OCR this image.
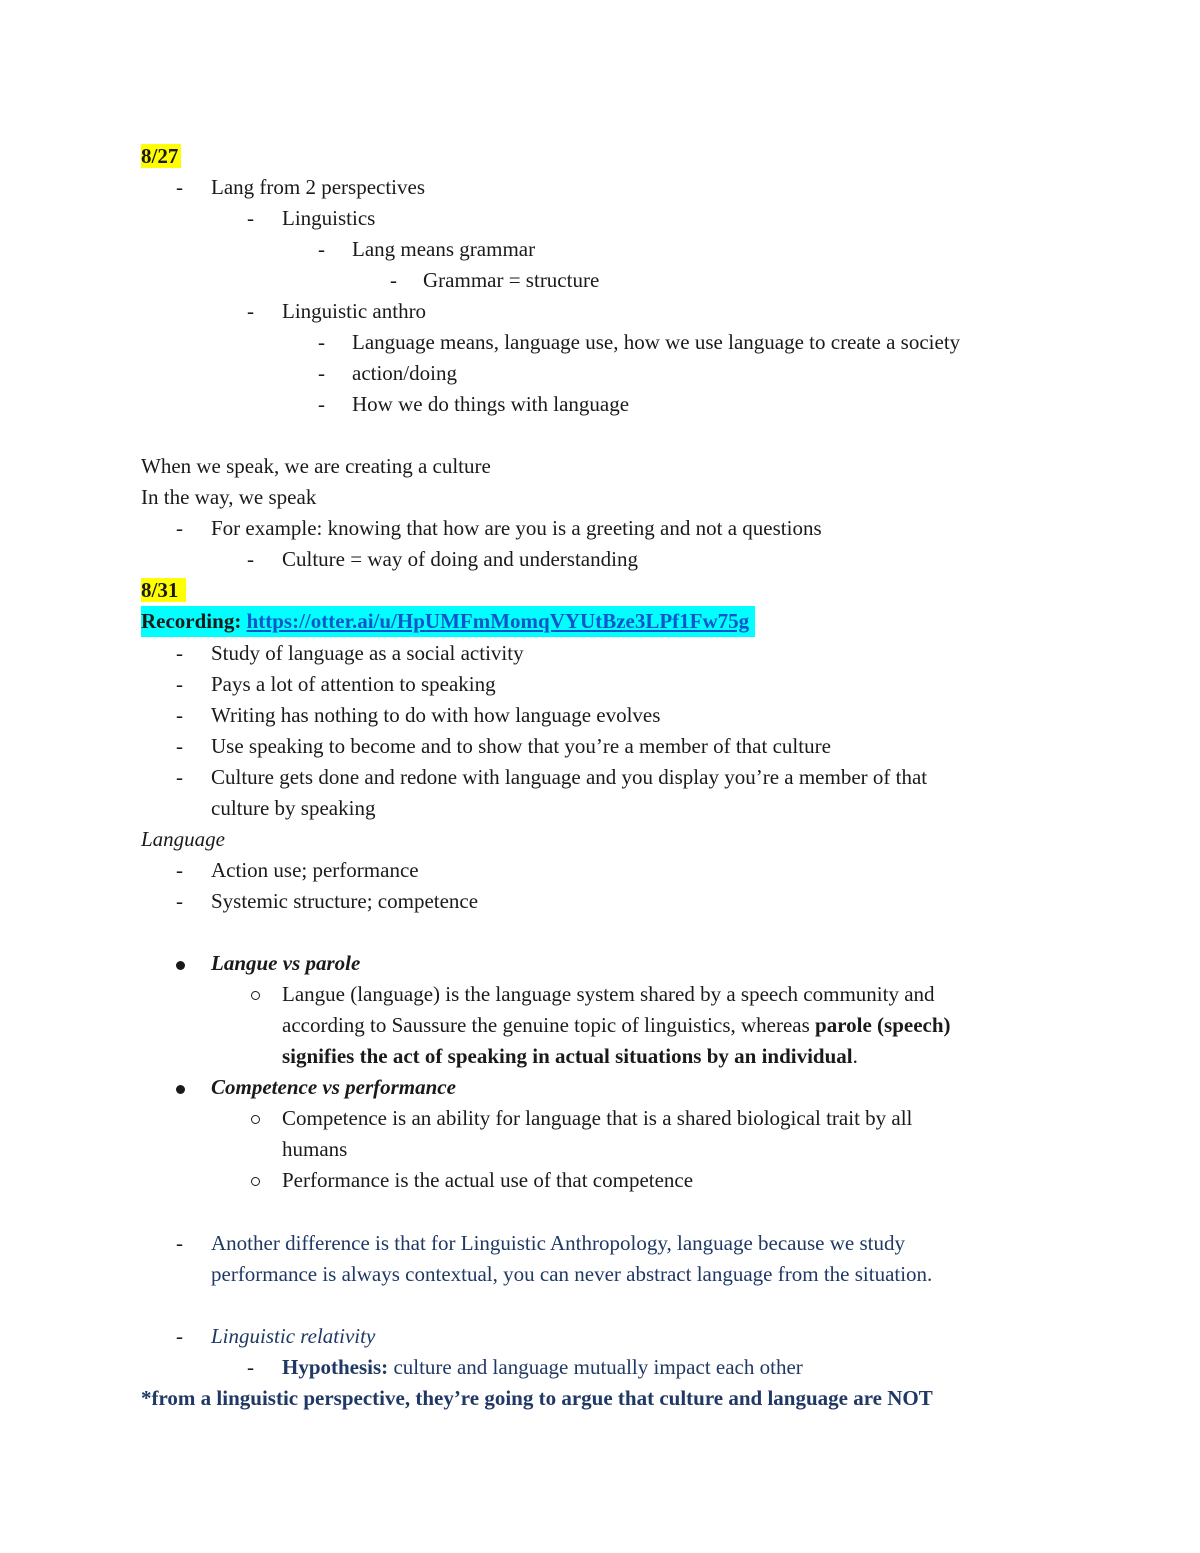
8/27
- Lang from 2 perspectives
- Linguistics
- Lang means grammar
- Grammar = structure
- Linguistic anthro
- Language means, language use, how we use language to create a society
- action/doing
- How we do things with language
When we speak, we are creating a culture
In the way, we speak
- For example: knowing that how are you is a greeting and not a questions
- Culture = way of doing and understanding
8/31
Recording: https://otter.ai/u/HpUMFmMomqVYUtBze3LPf1Fw75g
- Study of language as a social activity
- Pays a lot of attention to speaking
- Writing has nothing to do with how language evolves
- Use speaking to become and to show that you’re a member of that culture
- Culture gets done and redone with language and you display you’re a member of that
culture by speaking
Language
- Action use; performance
- Systemic structure; competence
Langue vs parole
Langue (language) is the language system shared by a speech community and
according to Saussure the genuine topic of linguistics, whereas parole (speech)
signifies the act of speaking in actual situations by an individual.
Competence vs performance
Competence is an ability for language that is a shared biological trait by all
humans
Performance is the actual use of that competence
- Another difference is that for Linguistic Anthropology, language because we study
performance is always contextual, you can never abstract language from the situation.
- Linguistic relativity
- Hypothesis: culture and language mutually impact each other
*from a linguistic perspective, they’re going to argue that culture and language are NOT
